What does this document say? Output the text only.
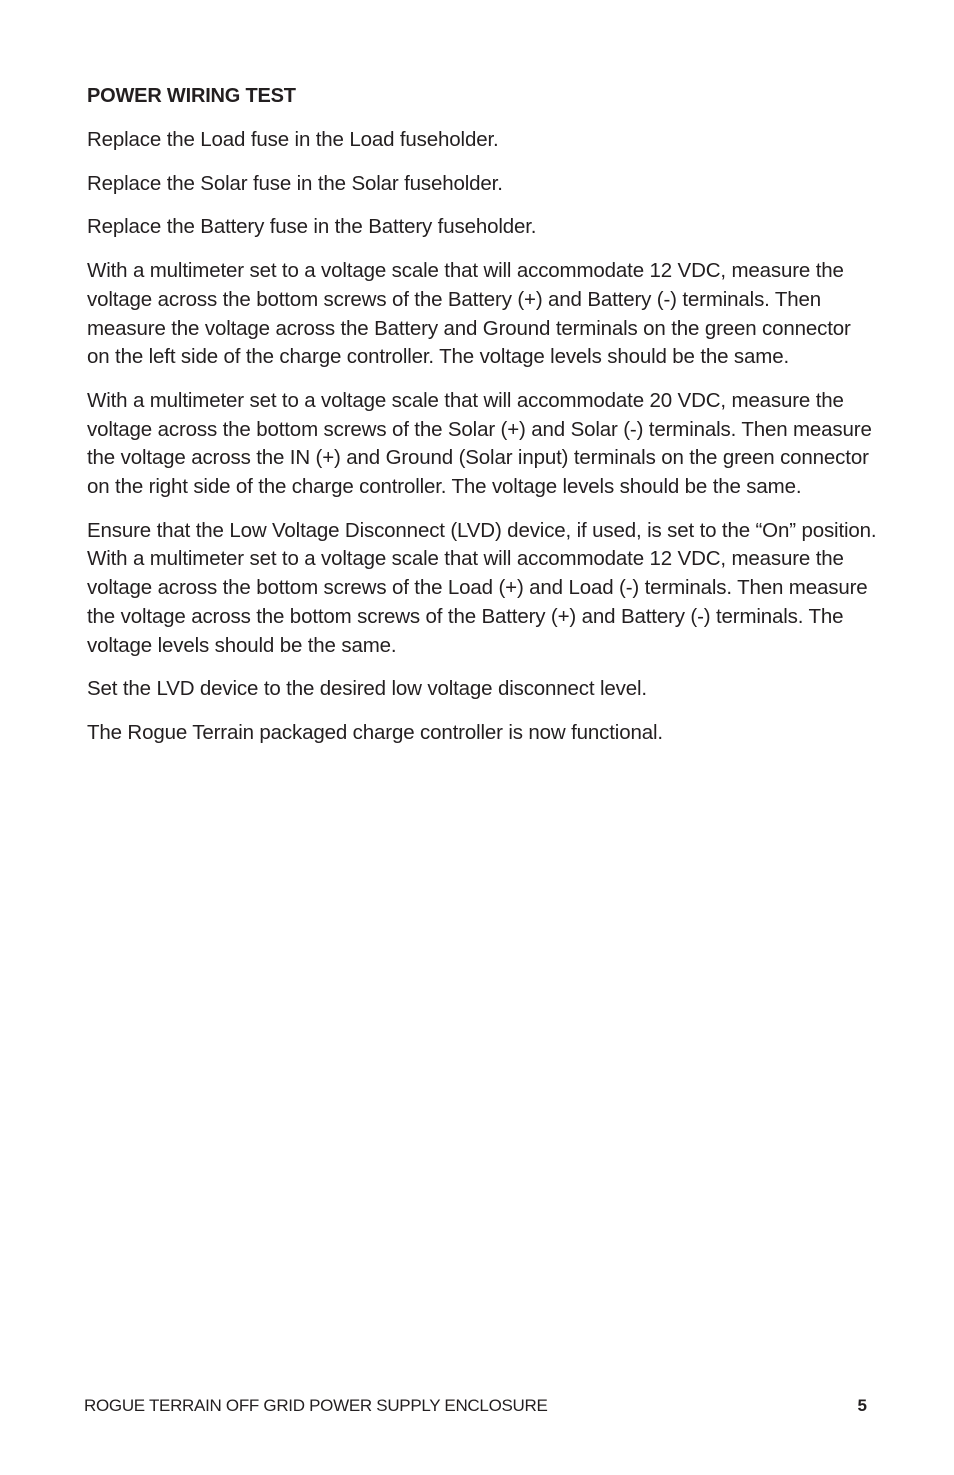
POWER WIRING TEST

Replace the Load fuse in the Load fuseholder.

Replace the Solar fuse in the Solar fuseholder.

Replace the Battery fuse in the Battery fuseholder.

With a multimeter set to a voltage scale that will accommodate 12 VDC, measure the voltage across the bottom screws of the Battery (+) and Battery (-) terminals. Then measure the voltage across the Battery and Ground terminals on the green connector on the left side of the charge controller. The voltage levels should be the same.

With a multimeter set to a voltage scale that will accommodate 20 VDC, measure the voltage across the bottom screws of the Solar (+) and Solar (-) terminals. Then measure the voltage across the IN (+) and Ground (Solar input) terminals on the green connector on the right side of the charge controller. The voltage levels should be the same.

Ensure that the Low Voltage Disconnect (LVD) device, if used, is set to the “On” position. With a multimeter set to a voltage scale that will accommodate 12 VDC, measure the voltage across the bottom screws of the Load (+) and Load (-) terminals. Then measure the voltage across the bottom screws of the Battery (+) and Battery (-) terminals. The voltage levels should be the same.

Set the LVD device to the desired low voltage disconnect level.

The Rogue Terrain packaged charge controller is now functional.

ROGUE TERRAIN OFF GRID POWER SUPPLY ENCLOSURE	5
